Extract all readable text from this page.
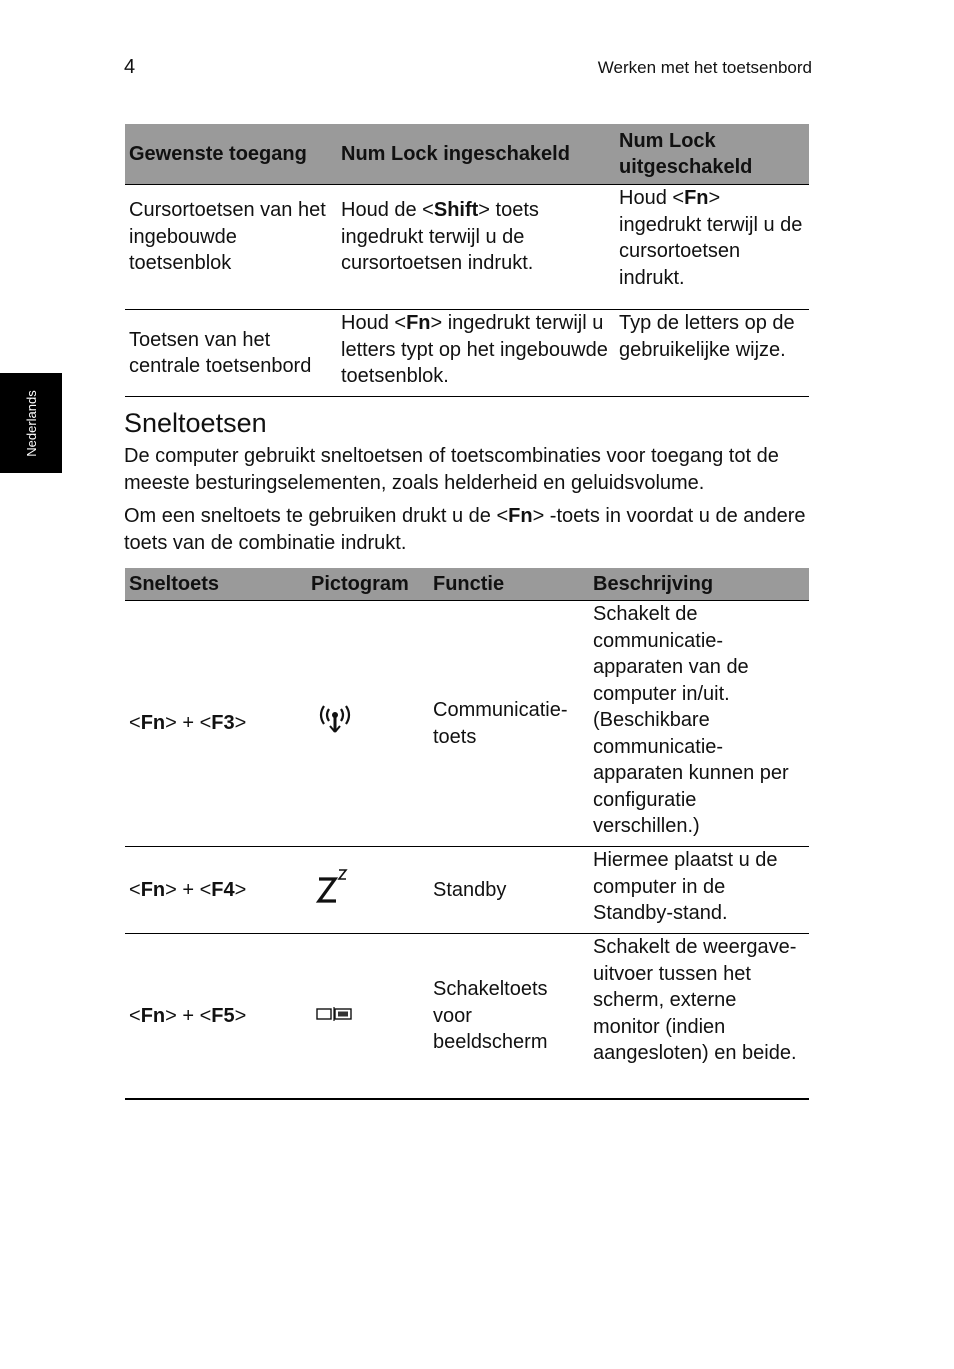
4	Werken met het toetsenbord
Nederlands
Gewenste toegang	Num Lock ingeschakeld	Num Lock uitgeschakeld
Cursortoetsen van het ingebouwde toetsenblok	Houd de <Shift> toets ingedrukt terwijl u de cursortoetsen indrukt.	Houd <Fn> ingedrukt terwijl u de cursortoetsen indrukt.
Toetsen van het centrale toetsenbord	Houd <Fn> ingedrukt terwijl u letters typt op het ingebouwde toetsenblok.	Typ de letters op de gebruikelijke wijze.
Sneltoetsen

De computer gebruikt sneltoetsen of toetscombinaties voor toegang tot de meeste besturingselementen, zoals helderheid en geluidsvolume.

Om een sneltoets te gebruiken drukt u de <Fn> -toets in voordat u de andere toets van de combinatie indrukt.

Sneltoets	Pictogram	Functie	Beschrijving
<Fn> + <F3>		Communicatie-toets	Schakelt de communicatie-apparaten van de computer in/uit. (Beschikbare communicatie-apparaten kunnen per configuratie verschillen.)
<Fn> + <F4>		Standby	Hiermee plaatst u de computer in de Standby-stand.
<Fn> + <F5>		Schakeltoets voor beeldscherm	Schakelt de weergave-uitvoer tussen het scherm, externe monitor (indien aangesloten) en beide.
